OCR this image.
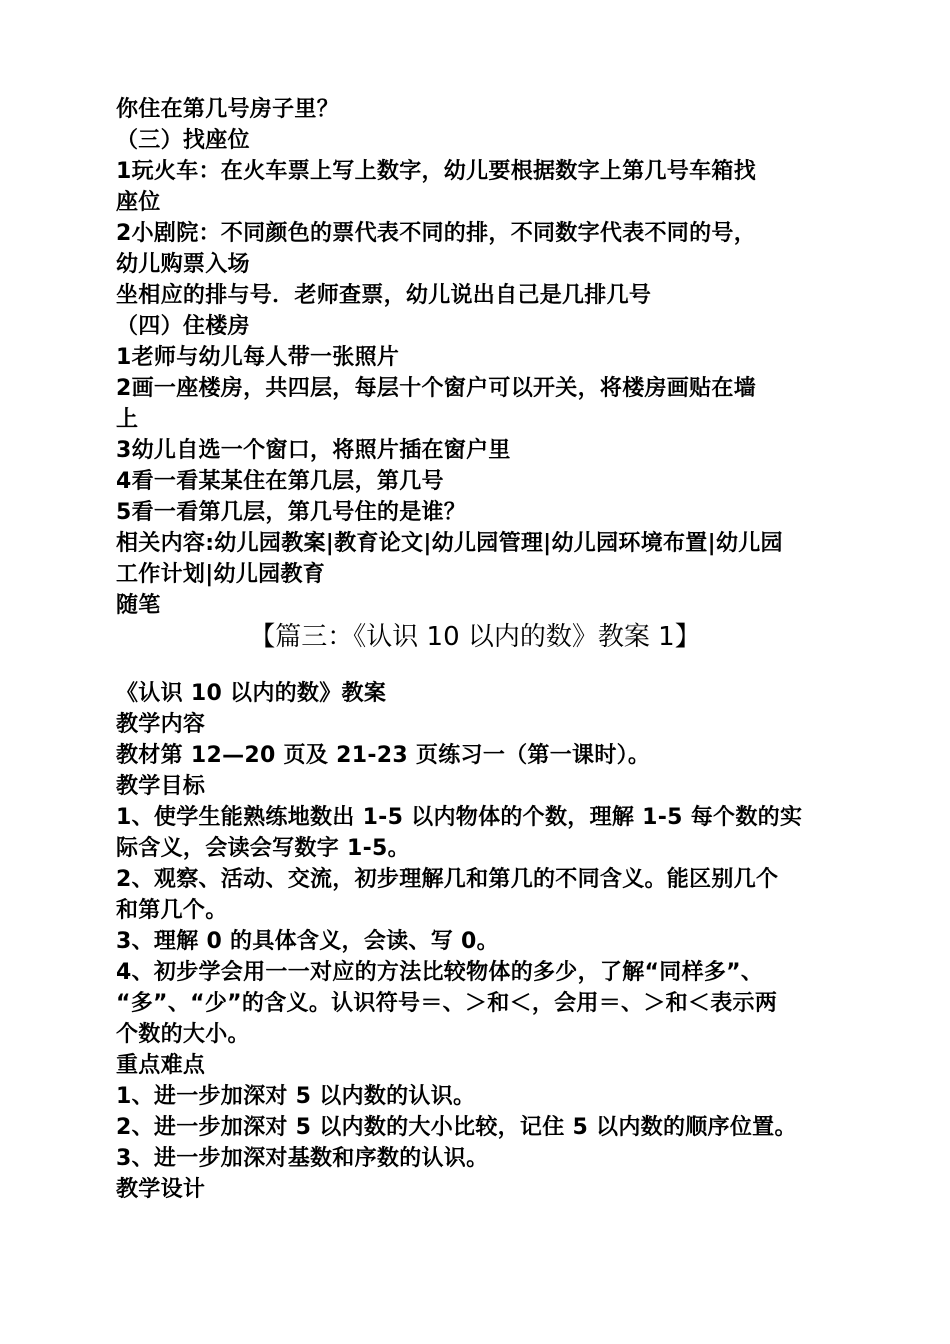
你住在第几号房子里？
（三）找座位
1玩火车：在火车票上写上数字，幼儿要根据数字上第几号车箱找
座位
2小剧院：不同颜色的票代表不同的排，不同数字代表不同的号，
幼儿购票入场
坐相应的排与号．老师查票，幼儿说出自己是几排几号
（四）住楼房
1老师与幼儿每人带一张照片
2画一座楼房，共四层，每层十个窗户可以开关，将楼房画贴在墙
上
3幼儿自选一个窗口，将照片插在窗户里
4看一看某某住在第几层，第几号
5看一看第几层，第几号住的是谁？
相关内容:幼儿园教案|教育论文|幼儿园管理|幼儿园环境布置|幼儿园
工作计划|幼儿园教育
随笔
【篇三：《认识 10 以内的数》教案 1】
《认识 10 以内的数》教案
教学内容
教材第 12—20 页及 21-23 页练习一（第一课时）。
教学目标
1、使学生能熟练地数出 1-5 以内物体的个数，理解 1-5 每个数的实
际含义，会读会写数字 1-5。
2、观察、活动、交流，初步理解几和第几的不同含义。能区别几个
和第几个。
3、理解 0 的具体含义，会读、写 0。
4、初步学会用一一对应的方法比较物体的多少，了解“同样多”、
“多”、“少”的含义。认识符号＝、＞和＜，会用＝、＞和＜表示两
个数的大小。
重点难点
1、进一步加深对 5 以内数的认识。
2、进一步加深对 5 以内数的大小比较，记住 5 以内数的顺序位置。
3、进一步加深对基数和序数的认识。
教学设计
